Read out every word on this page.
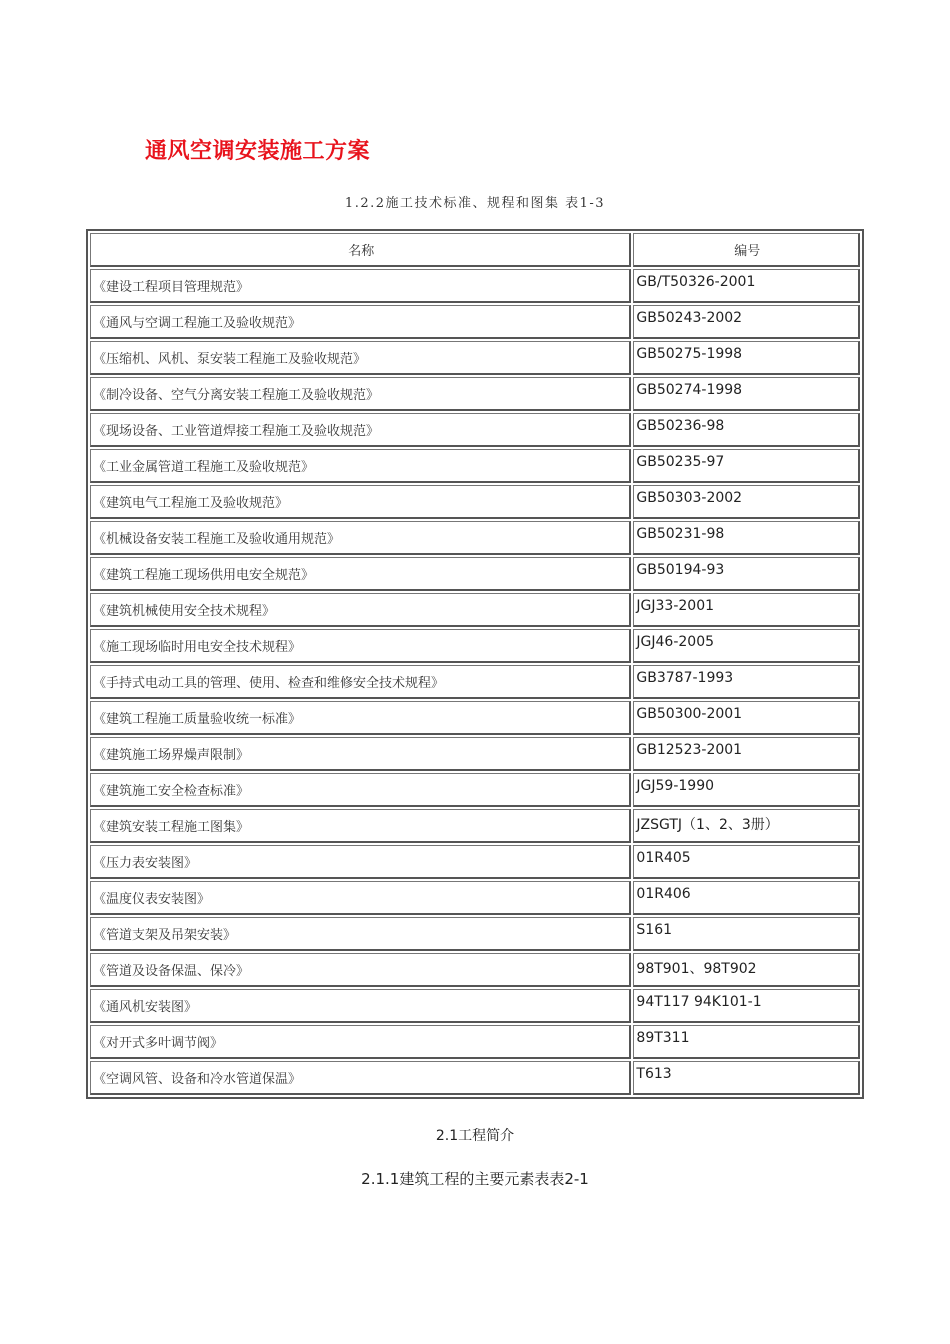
通风空调安装施工方案
1.2.2施工技术标准、规程和图集 表1-3
名称	编号
《建设工程项目管理规范》	GB/T50326-2001
《通风与空调工程施工及验收规范》	GB50243-2002
《压缩机、风机、泵安装工程施工及验收规范》	GB50275-1998
《制冷设备、空气分离安装工程施工及验收规范》	GB50274-1998
《现场设备、工业管道焊接工程施工及验收规范》	GB50236-98
《工业金属管道工程施工及验收规范》	GB50235-97
《建筑电气工程施工及验收规范》	GB50303-2002
《机械设备安装工程施工及验收通用规范》	GB50231-98
《建筑工程施工现场供用电安全规范》	GB50194-93
《建筑机械使用安全技术规程》	JGJ33-2001
《施工现场临时用电安全技术规程》	JGJ46-2005
《手持式电动工具的管理、使用、检查和维修安全技术规程》	GB3787-1993
《建筑工程施工质量验收统一标准》	GB50300-2001
《建筑施工场界燥声限制》	GB12523-2001
《建筑施工安全检查标准》	JGJ59-1990
《建筑安装工程施工图集》	JZSGTJ（1、2、3册）
《压力表安装图》	01R405
《温度仪表安装图》	01R406
《管道支架及吊架安装》	S161
《管道及设备保温、保冷》	98T901、98T902
《通风机安装图》	94T117 94K101-1
《对开式多叶调节阀》	89T311
《空调风管、设备和冷水管道保温》	T613
2.1工程简介
2.1.1建筑工程的主要元素表表2-1
